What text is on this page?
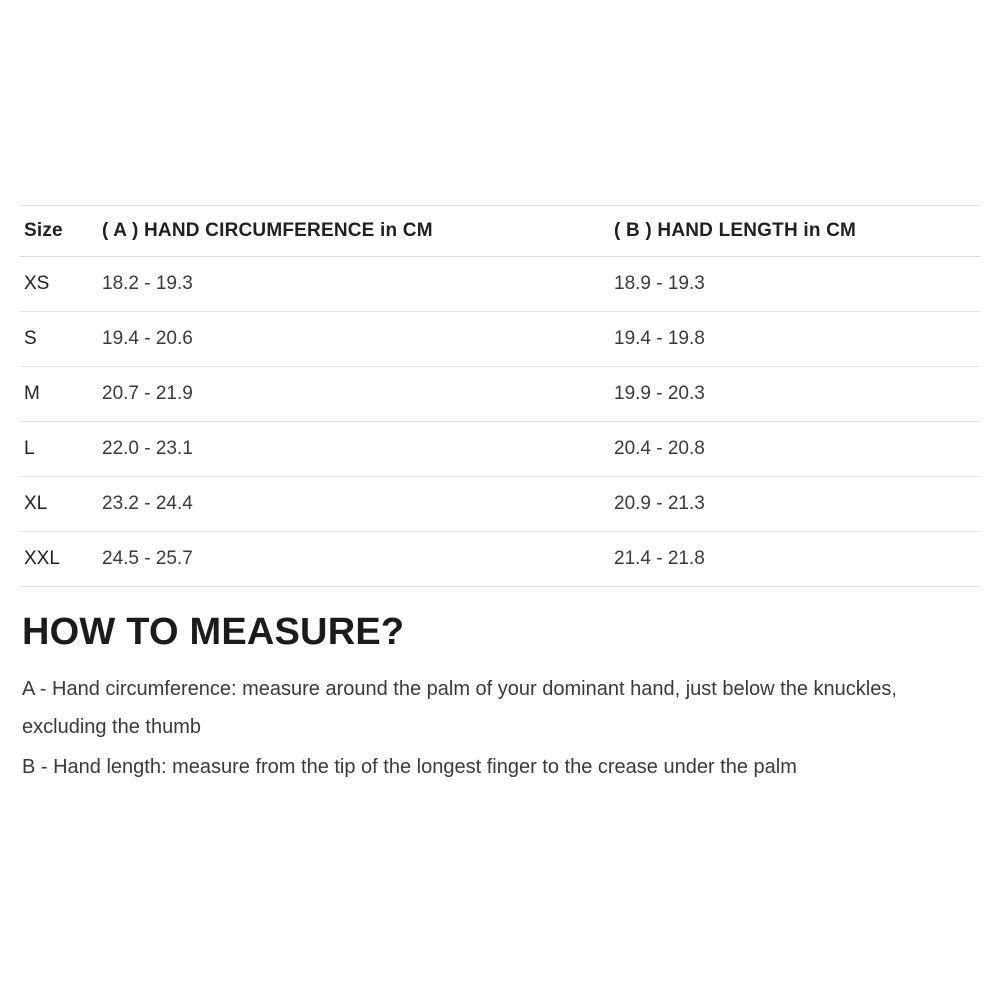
Size	( A ) HAND CIRCUMFERENCE in CM	( B ) HAND LENGTH in CM
XS	18.2 - 19.3	18.9 - 19.3
S	19.4 - 20.6	19.4 - 19.8
M	20.7 - 21.9	19.9 - 20.3
L	22.0 - 23.1	20.4 - 20.8
XL	23.2 - 24.4	20.9 - 21.3
XXL	24.5 - 25.7	21.4 - 21.8
HOW TO MEASURE?

A - Hand circumference: measure around the palm of your dominant hand, just below the knuckles, excluding the thumb

B - Hand length: measure from the tip of the longest finger to the crease under the palm
